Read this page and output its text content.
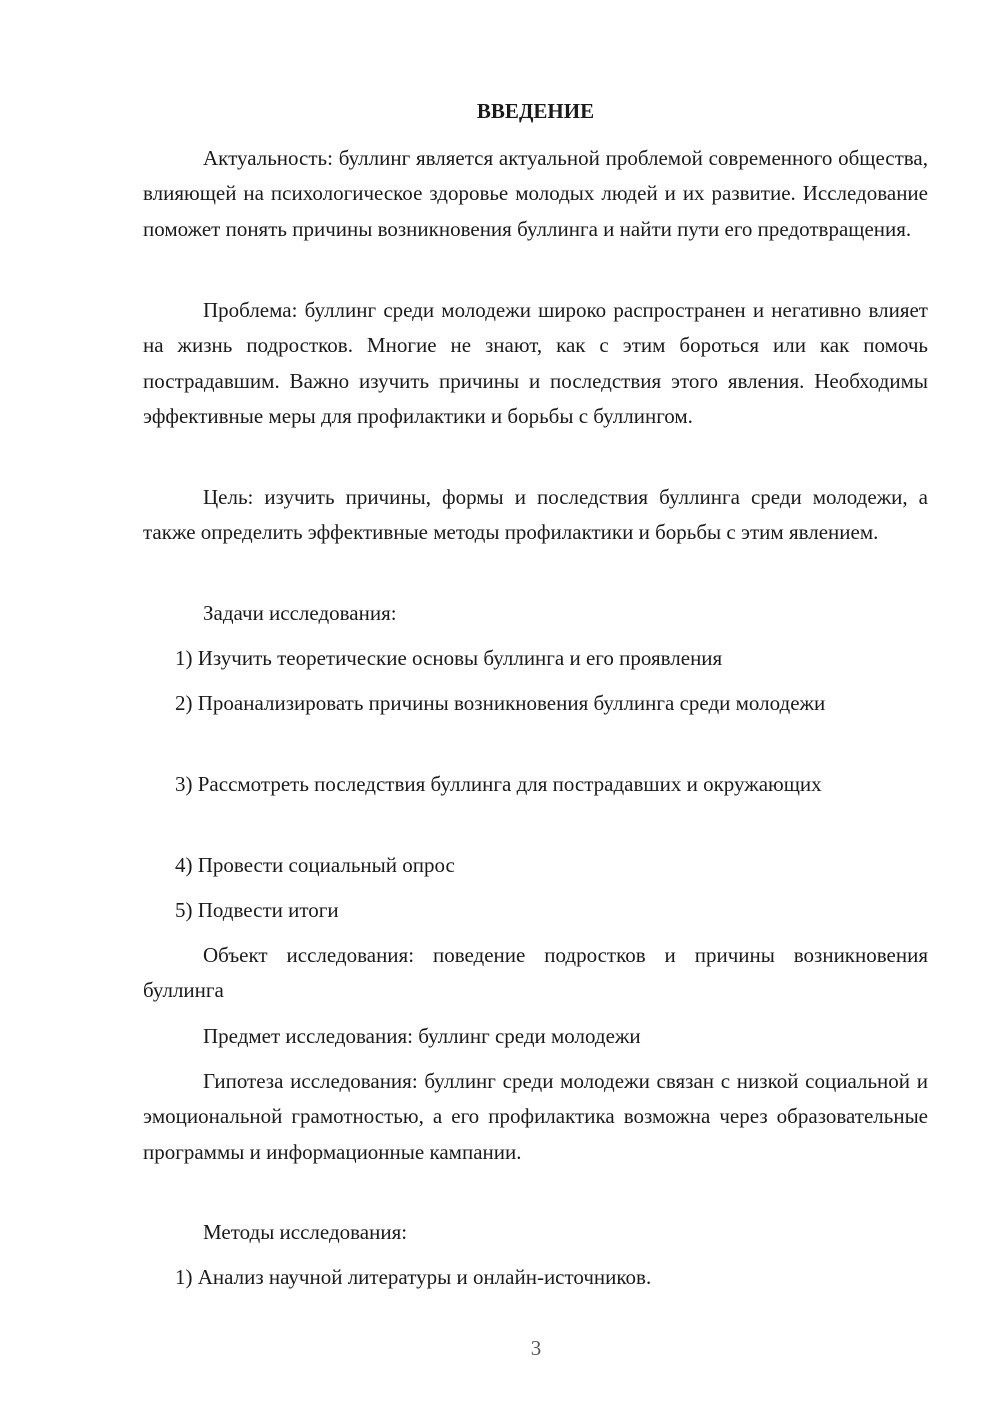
ВВЕДЕНИЕ

Актуальность: буллинг является актуальной проблемой современного общества, влияющей на психологическое здоровье молодых людей и их развитие. Исследование поможет понять причины возникновения буллинга и найти пути его предотвращения.

Проблема: буллинг среди молодежи широко распространен и негативно влияет на жизнь подростков. Многие не знают, как с этим бороться или как помочь пострадавшим. Важно изучить причины и последствия этого явления. Необходимы эффективные меры для профилактики и борьбы с буллингом.

Цель: изучить причины, формы и последствия буллинга среди молодежи, а также определить эффективные методы профилактики и борьбы с этим явлением.

Задачи исследования:

1) Изучить теоретические основы буллинга и его проявления

2) Проанализировать причины возникновения буллинга среди молодежи

3) Рассмотреть последствия буллинга для пострадавших и окружающих

4) Провести социальный опрос

5) Подвести итоги

Объект исследования: поведение подростков и причины возникновения буллинга

Предмет исследования: буллинг среди молодежи

Гипотеза исследования: буллинг среди молодежи связан с низкой социальной и эмоциональной грамотностью, а его профилактика возможна через образовательные программы и информационные кампании.

Методы исследования:

1) Анализ научной литературы и онлайн-источников.

3
